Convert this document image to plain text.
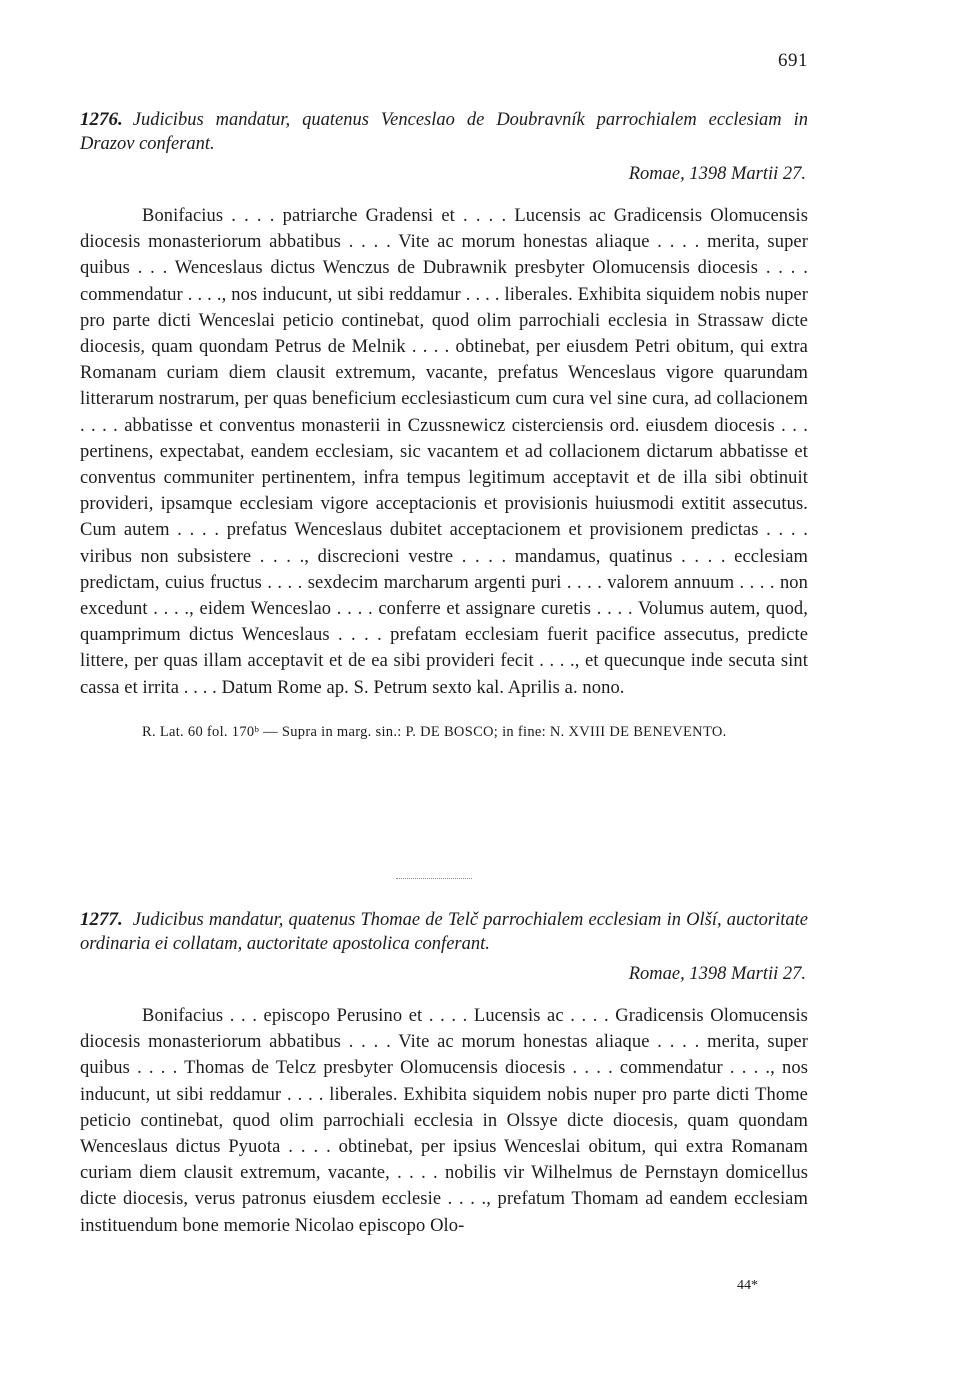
691
1276. Judicibus mandatur, quatenus Venceslao de Doubravník parrochialem ecclesiam in Drazov conferant.
Romae, 1398 Martii 27.
Bonifacius . . . . patriarche Gradensi et . . . . Lucensis ac Gradicensis Olomucensis diocesis monasteriorum abbatibus . . . . Vite ac morum honestas aliaque . . . . merita, super quibus . . . Wenceslaus dictus Wenczus de Dubrawnik presbyter Olomucensis diocesis . . . . commendatur . . . ., nos inducunt, ut sibi reddamur . . . . liberales. Exhibita siquidem nobis nuper pro parte dicti Wenceslai peticio continebat, quod olim parrochiali ecclesia in Strassaw dicte diocesis, quam quondam Petrus de Melnik . . . . obtinebat, per eiusdem Petri obitum, qui extra Romanam curiam diem clausit extremum, vacante, prefatus Wenceslaus vigore quarundam litterarum nostrarum, per quas beneficium ecclesiasticum cum cura vel sine cura, ad collacionem . . . . abbatisse et conventus monasterii in Czussnewicz cisterciensis ord. eiusdem diocesis . . . pertinens, expectabat, eandem ecclesiam, sic vacantem et ad collacionem dictarum abbatisse et conventus communiter pertinentem, infra tempus legitimum acceptavit et de illa sibi obtinuit provideri, ipsamque ecclesiam vigore acceptacionis et provisionis huiusmodi extitit assecutus. Cum autem . . . . prefatus Wenceslaus dubitet acceptacionem et provisionem predictas . . . . viribus non subsistere . . . ., discrecioni vestre . . . . mandamus, quatinus . . . . ecclesiam predictam, cuius fructus . . . . sexdecim marcharum argenti puri . . . . valorem annuum . . . . non excedunt . . . ., eidem Wenceslao . . . . conferre et assignare curetis . . . . Volumus autem, quod, quamprimum dictus Wenceslaus . . . . prefatam ecclesiam fuerit pacifice assecutus, predicte littere, per quas illam acceptavit et de ea sibi provideri fecit . . . ., et quecunque inde secuta sint cassa et irrita . . . . Datum Rome ap. S. Petrum sexto kal. Aprilis a. nono.
R. Lat. 60 fol. 170ᵇ — Supra in marg. sin.: P. DE BOSCO; in fine: N. XVIII DE BENEVENTO.
1277. Judicibus mandatur, quatenus Thomae de Telč parrochialem ecclesiam in Olší, auctoritate ordinaria ei collatam, auctoritate apostolica conferant.
Romae, 1398 Martii 27.
Bonifacius . . . episcopo Perusino et . . . . Lucensis ac . . . . Gradicensis Olomucensis diocesis monasteriorum abbatibus . . . . Vite ac morum honestas aliaque . . . . merita, super quibus . . . . Thomas de Telcz presbyter Olomucensis diocesis . . . . commendatur . . . ., nos inducunt, ut sibi reddamur . . . . liberales. Exhibita siquidem nobis nuper pro parte dicti Thome peticio continebat, quod olim parrochiali ecclesia in Olssye dicte diocesis, quam quondam Wenceslaus dictus Pyuota . . . . obtinebat, per ipsius Wenceslai obitum, qui extra Romanam curiam diem clausit extremum, vacante, . . . . nobilis vir Wilhelmus de Pernstayn domicellus dicte diocesis, verus patronus eiusdem ecclesie . . . ., prefatum Thomam ad eandem ecclesiam instituendum bone memorie Nicolao episcopo Olo-
44*
